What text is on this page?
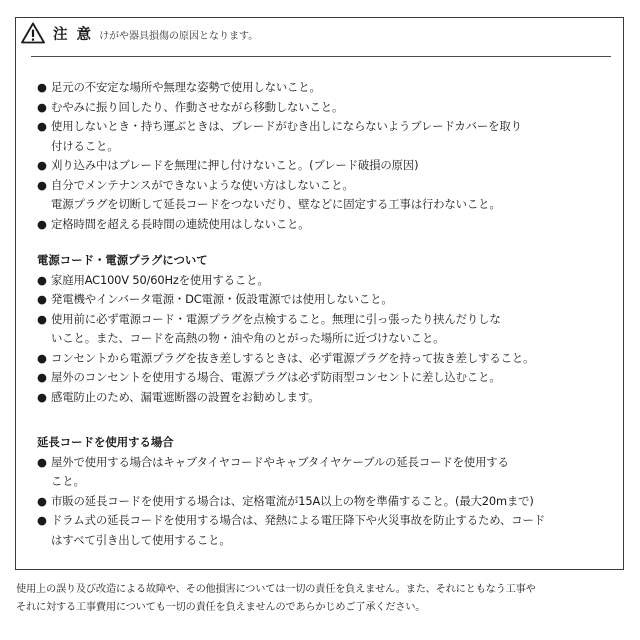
注 意 けがや器具損傷の原因となります。
● 足元の不安定な場所や無理な姿勢で使用しないこと。
● むやみに振り回したり、作動させながら移動しないこと。
● 使用しないとき・持ち運ぶときは、ブレードがむき出しにならないようブレードカバーを取り
付けること。
● 刈り込み中はブレードを無理に押し付けないこと。(ブレード破損の原因)
● 自分でメンテナンスができないような使い方はしないこと。
電源プラグを切断して延長コードをつないだり、壁などに固定する工事は行わないこと。
● 定格時間を超える長時間の連続使用はしないこと。
電源コード・電源プラグについて
● 家庭用AC100V 50/60Hzを使用すること。
● 発電機やインバータ電源・DC電源・仮設電源では使用しないこと。
● 使用前に必ず電源コード・電源プラグを点検すること。無理に引っ張ったり挟んだりしな
いこと。また、コードを高熱の物・油や角のとがった場所に近づけないこと。
● コンセントから電源プラグを抜き差しするときは、必ず電源プラグを持って抜き差しすること。
● 屋外のコンセントを使用する場合、電源プラグは必ず防雨型コンセントに差し込むこと。
● 感電防止のため、漏電遮断器の設置をお勧めします。
延長コードを使用する場合
● 屋外で使用する場合はキャブタイヤコードやキャブタイヤケーブルの延長コードを使用する
こと。
● 市販の延長コードを使用する場合は、定格電流が15A以上の物を準備すること。(最大20mまで)
● ドラム式の延長コードを使用する場合は、発熱による電圧降下や火災事故を防止するため、コード
はすべて引き出して使用すること。
使用上の誤り及び改造による故障や、その他損害については一切の責任を負えません。また、それにともなう工事や
それに対する工事費用についても一切の責任を負えませんのであらかじめご了承ください。
